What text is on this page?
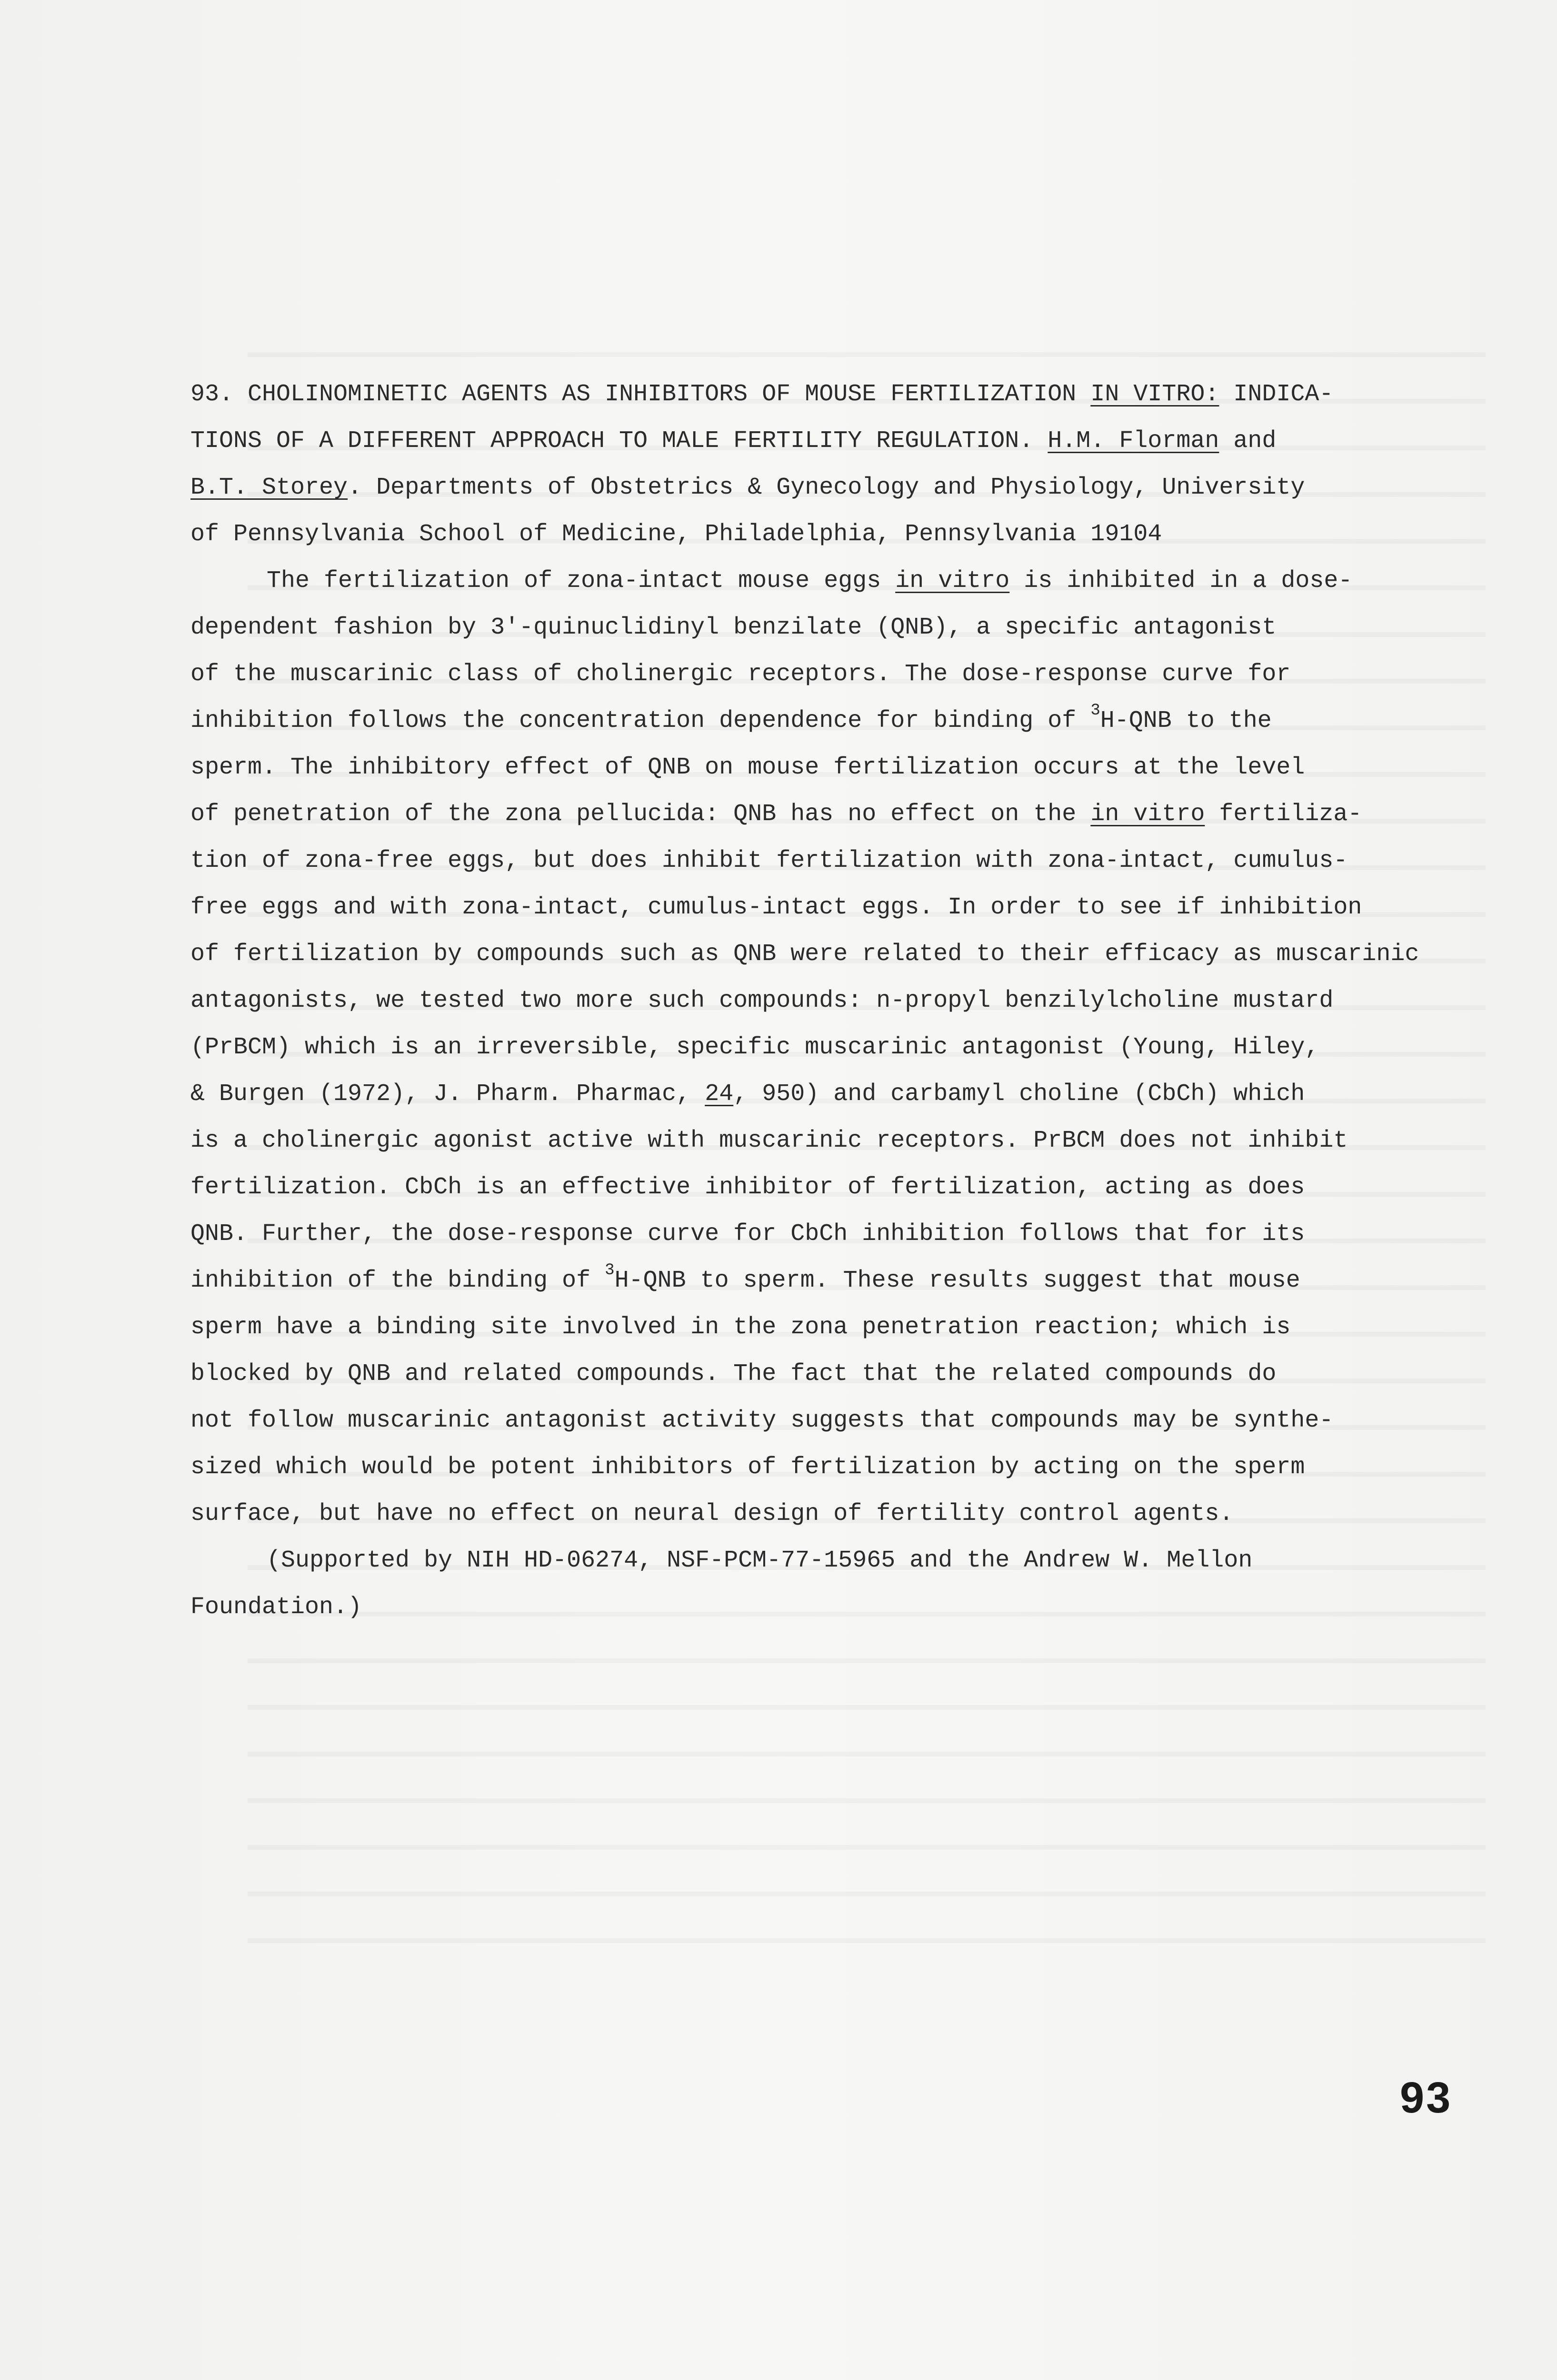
93. CHOLINOMINETIC AGENTS AS INHIBITORS OF MOUSE FERTILIZATION IN VITRO: INDICA-
TIONS OF A DIFFERENT APPROACH TO MALE FERTILITY REGULATION. H.M. Florman and
B.T. Storey. Departments of Obstetrics & Gynecology and Physiology, University
of Pennsylvania School of Medicine, Philadelphia, Pennsylvania 19104
The fertilization of zona-intact mouse eggs in vitro is inhibited in a dose-
dependent fashion by 3'-quinuclidinyl benzilate (QNB), a specific antagonist
of the muscarinic class of cholinergic receptors. The dose-response curve for
inhibition follows the concentration dependence for binding of $^3$H-QNB to the
sperm. The inhibitory effect of QNB on mouse fertilization occurs at the level
of penetration of the zona pellucida: QNB has no effect on the in vitro fertiliza-
tion of zona-free eggs, but does inhibit fertilization with zona-intact, cumulus-
free eggs and with zona-intact, cumulus-intact eggs. In order to see if inhibition
of fertilization by compounds such as QNB were related to their efficacy as muscarinic
antagonists, we tested two more such compounds: n-propyl benzilylcholine mustard
(PrBCM) which is an irreversible, specific muscarinic antagonist (Young, Hiley,
& Burgen (1972), J. Pharm. Pharmac, 24, 950) and carbamyl choline (CbCh) which
is a cholinergic agonist active with muscarinic receptors. PrBCM does not inhibit
fertilization. CbCh is an effective inhibitor of fertilization, acting as does
QNB. Further, the dose-response curve for CbCh inhibition follows that for its
inhibition of the binding of $^3$H-QNB to sperm. These results suggest that mouse
sperm have a binding site involved in the zona penetration reaction; which is
blocked by QNB and related compounds. The fact that the related compounds do
not follow muscarinic antagonist activity suggests that compounds may be synthe-
sized which would be potent inhibitors of fertilization by acting on the sperm
surface, but have no effect on neural design of fertility control agents.
(Supported by NIH HD-06274, NSF-PCM-77-15965 and the Andrew W. Mellon
Foundation.)
93
